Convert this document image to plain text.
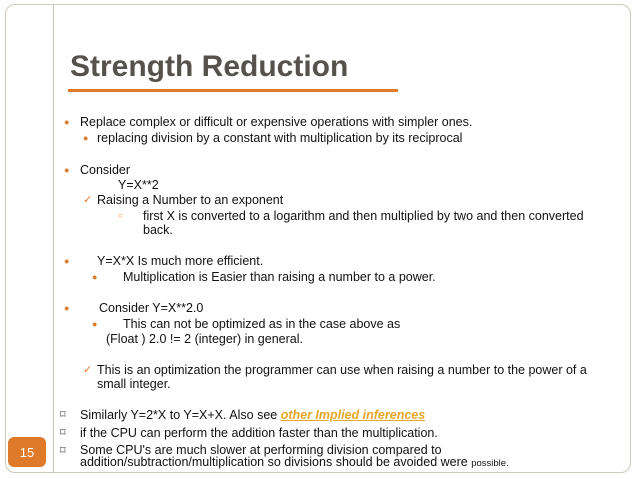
15
Strength Reduction
● Replace complex or difficult or expensive operations with simpler ones.
● replacing division by a constant with multiplication by its reciprocal
● Consider
Y=X**2
✓ Raising a Number to an exponent
○ first X is converted to a logarithm and then multiplied by two and then converted back.
● Y=X*X Is much more efficient.
● Multiplication is Easier than raising a number to a power.
● Consider Y=X**2.0
● This can not be optimized as in the case above as
(Float ) 2.0 != 2 (integer) in general.
✓ This is an optimization the programmer can use when raising a number to the power of a small integer.
⌑ Similarly Y=2*X to Y=X+X. Also see other Implied inferences
⌑ if the CPU can perform the addition faster than the multiplication.
⌑ Some CPU's are much slower at performing division compared to addition/subtraction/multiplication so divisions should be avoided were possible.
